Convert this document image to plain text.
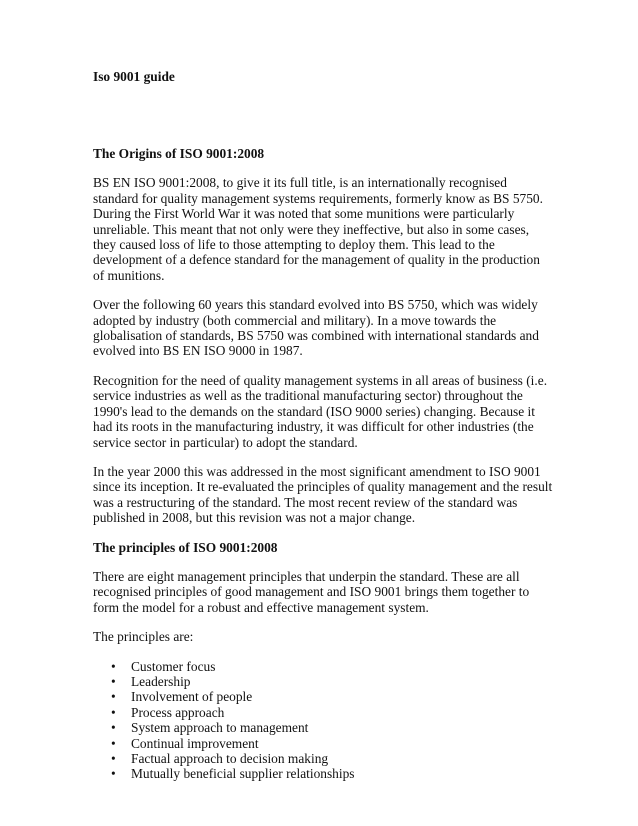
Iso 9001 guide

The Origins of ISO 9001:2008

BS EN ISO 9001:2008, to give it its full title, is an internationally recognised standard for quality management systems requirements, formerly know as BS 5750. During the First World War it was noted that some munitions were particularly unreliable. This meant that not only were they ineffective, but also in some cases, they caused loss of life to those attempting to deploy them. This lead to the development of a defence standard for the management of quality in the production of munitions.

Over the following 60 years this standard evolved into BS 5750, which was widely adopted by industry (both commercial and military). In a move towards the globalisation of standards, BS 5750 was combined with international standards and evolved into BS EN ISO 9000 in 1987.

Recognition for the need of quality management systems in all areas of business (i.e. service industries as well as the traditional manufacturing sector) throughout the 1990's lead to the demands on the standard (ISO 9000 series) changing. Because it had its roots in the manufacturing industry, it was difficult for other industries (the service sector in particular) to adopt the standard.

In the year 2000 this was addressed in the most significant amendment to ISO 9001 since its inception. It re-evaluated the principles of quality management and the result was a restructuring of the standard. The most recent review of the standard was published in 2008, but this revision was not a major change.

The principles of ISO 9001:2008

There are eight management principles that underpin the standard. These are all recognised principles of good management and ISO 9001 brings them together to form the model for a robust and effective management system.

The principles are:

• Customer focus
• Leadership
• Involvement of people
• Process approach
• System approach to management
• Continual improvement
• Factual approach to decision making
• Mutually beneficial supplier relationships
